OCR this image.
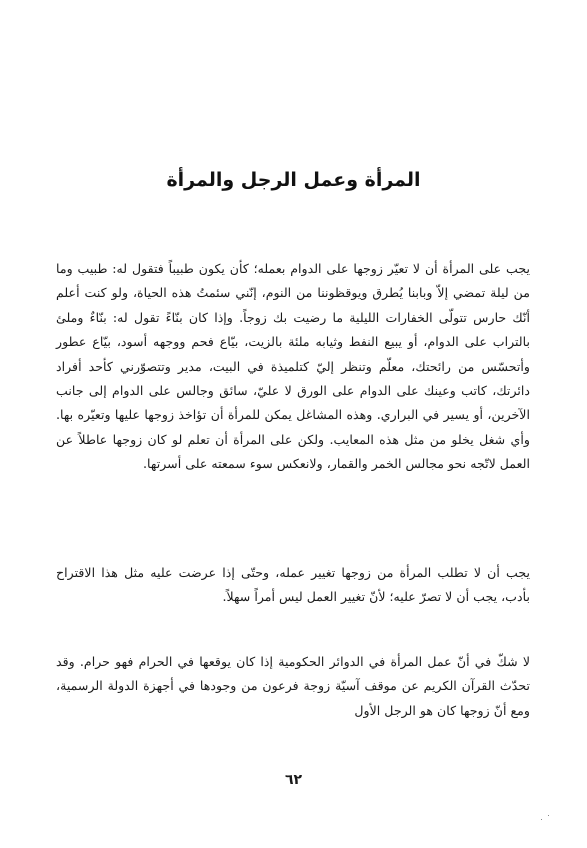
المرأة وعمل الرجل والمرأة

يجب على المرأة أن لا تعيّر زوجها على الدوام بعمله؛ كأن يكون طبيباً فتقول له: طبيب وما من ليلة تمضي إلاّ وبابنا يُطرق ويوقظوننا من النوم، إنّني سئمتُ هذه الحياة، ولو كنت أعلم أنّك حارس تتولّى الخفارات الليلية ما رضيت بك زوجاً. وإذا كان بنّاءً تقول له: بنّاءٌ وملئ بالتراب على الدوام، أو يبيع النفط وثيابه ملئة بالزيت، بيّاع فحم ووجهه أسود، بيّاع عطور وأتحسّس من رائحتك، معلّم وتنظر إليّ كتلميذة في البيت، مدير وتتصوّرني كأحد أفراد دائرتك، كاتب وعينك على الدوام على الورق لا عليّ، سائق وجالس على الدوام إلى جانب الآخرين، أو يسير في البراري. وهذه المشاغل يمكن للمرأة أن تؤاخذ زوجها عليها وتعيّره بها. وأي شغل يخلو من مثل هذه المعايب. ولكن على المرأة أن تعلم لو كان زوجها عاطلاً عن العمل لاتّجه نحو مجالس الخمر والقمار، ولانعكس سوء سمعته على أسرتها.

يجب أن لا تطلب المرأة من زوجها تغيير عمله، وحتّى إذا عرضت عليه مثل هذا الاقتراح بأدب، يجب أن لا تصرّ عليه؛ لأنّ تغيير العمل ليس أمراً سهلاً.

لا شكّ في أنّ عمل المرأة في الدوائر الحكومية إذا كان يوقعها في الحرام فهو حرام. وقد تحدّث القرآن الكريم عن موقف آسيّة زوجة فرعون من وجودها في أجهزة الدولة الرسمية، ومع أنّ زوجها كان هو الرجل الأول

٦٢
